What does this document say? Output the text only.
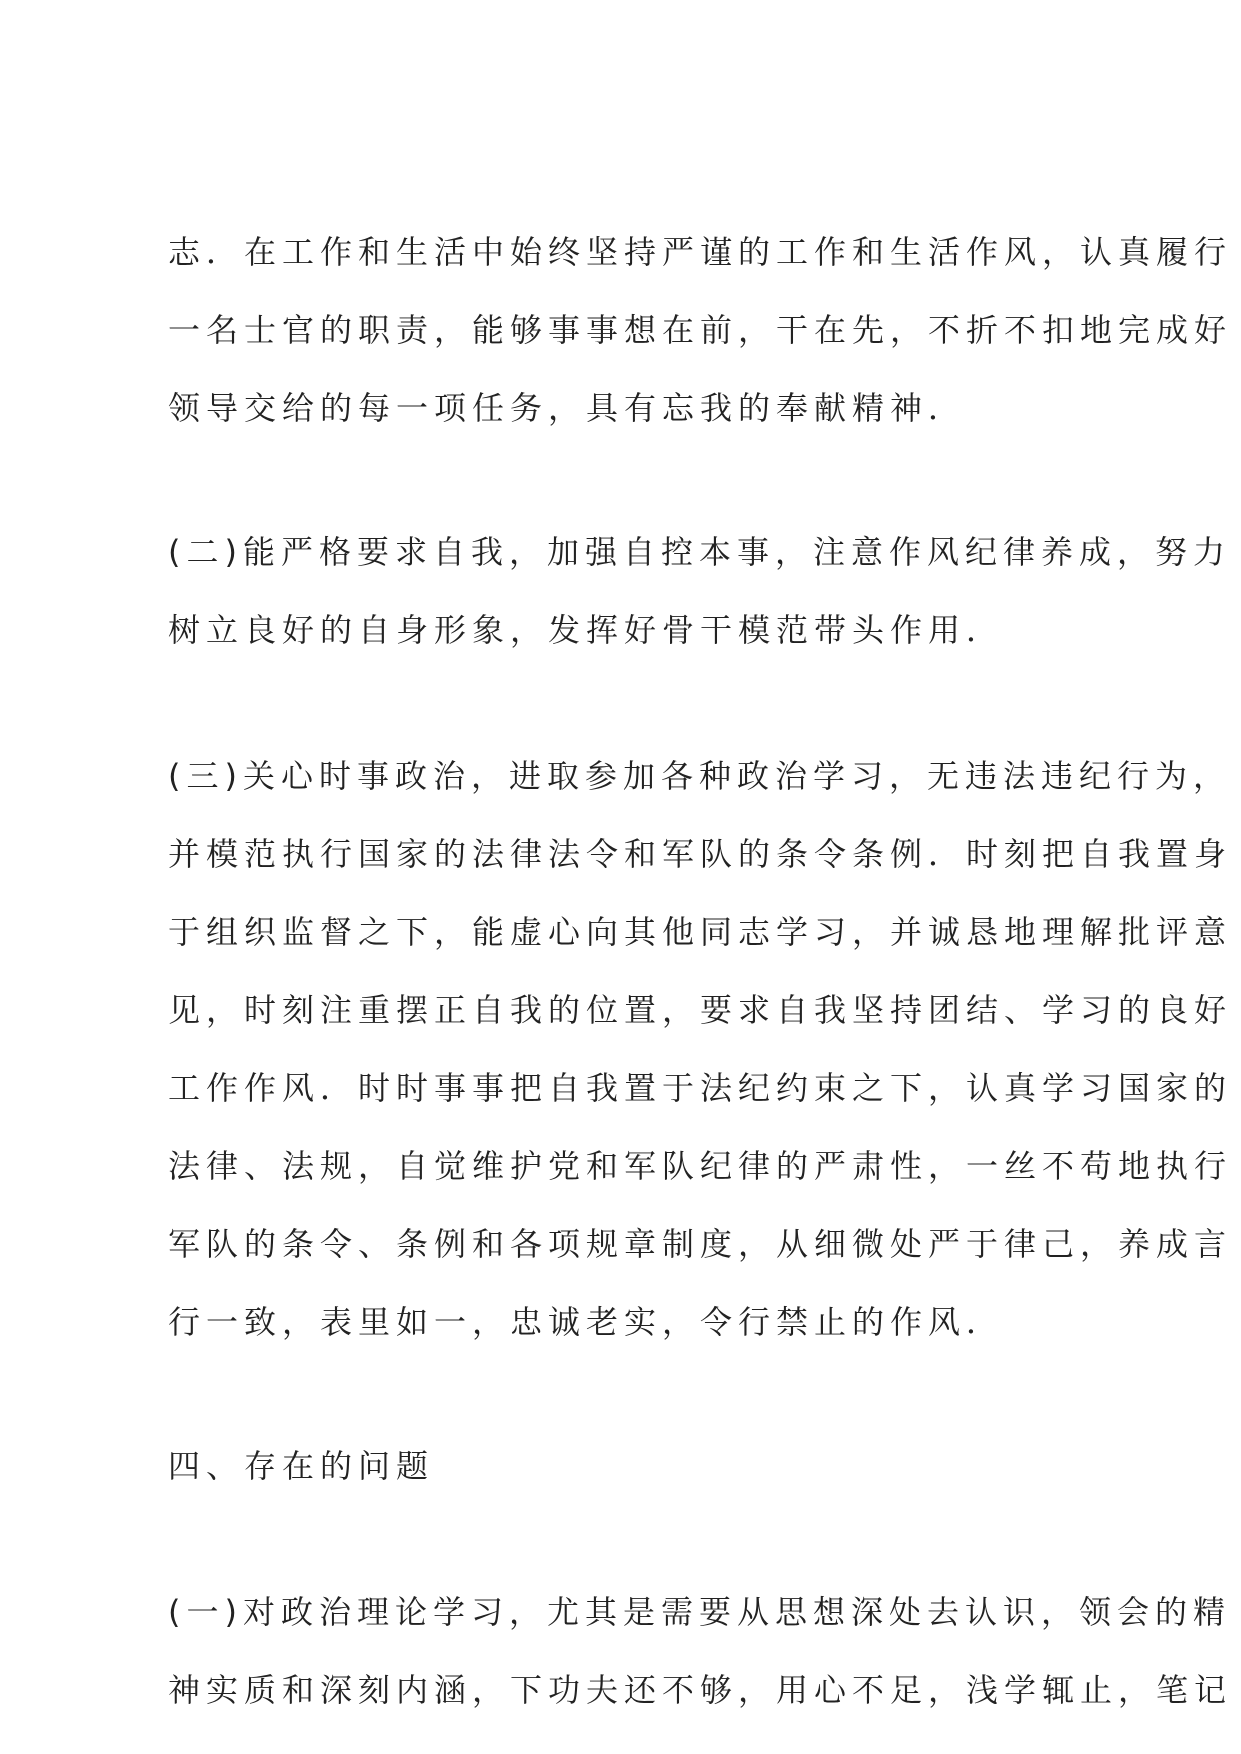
志．在工作和生活中始终坚持严谨的工作和生活作风，认真履行
一名士官的职责，能够事事想在前，干在先，不折不扣地完成好
领导交给的每一项任务，具有忘我的奉献精神．
(二)能严格要求自我，加强自控本事，注意作风纪律养成，努力
树立良好的自身形象，发挥好骨干模范带头作用．
(三)关心时事政治，进取参加各种政治学习，无违法违纪行为，
并模范执行国家的法律法令和军队的条令条例．时刻把自我置身
于组织监督之下，能虚心向其他同志学习，并诚恳地理解批评意
见，时刻注重摆正自我的位置，要求自我坚持团结、学习的良好
工作作风．时时事事把自我置于法纪约束之下，认真学习国家的
法律、法规，自觉维护党和军队纪律的严肃性，一丝不苟地执行
军队的条令、条例和各项规章制度，从细微处严于律己，养成言
行一致，表里如一，忠诚老实，令行禁止的作风．
四、存在的问题
(一)对政治理论学习，尤其是需要从思想深处去认识，领会的精
神实质和深刻内涵，下功夫还不够，用心不足，浅学辄止，笔记
